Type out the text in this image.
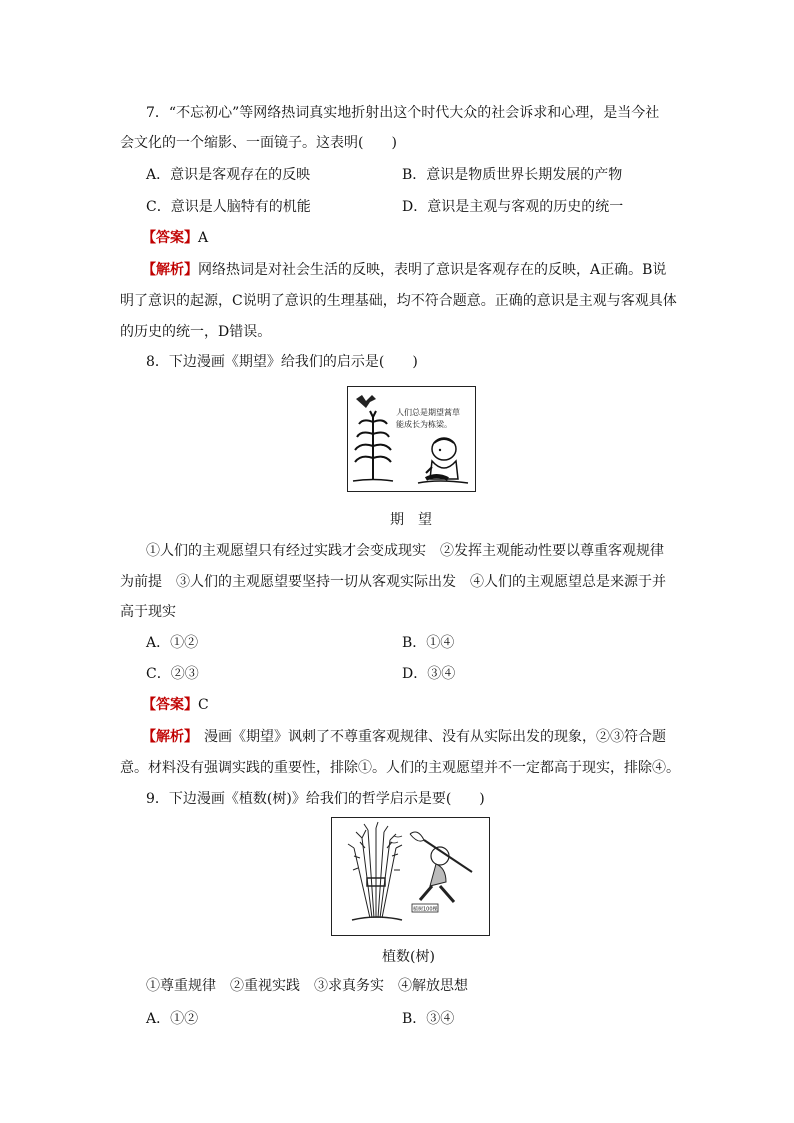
7．“不忘初心”等网络热词真实地折射出这个时代大众的社会诉求和心理，是当今社
会文化的一个缩影、一面镜子。这表明(　　)
A．意识是客观存在的反映	B．意识是物质世界长期发展的产物
C．意识是人脑特有的机能	D．意识是主观与客观的历史的统一
【答案】A
【解析】网络热词是对社会生活的反映，表明了意识是客观存在的反映，A正确。B说
明了意识的起源，C说明了意识的生理基础，均不符合题意。正确的意识是主观与客观具体
的历史的统一，D错误。
8．下边漫画《期望》给我们的启示是(　　)
人们总是期望蒿草
能成长为栋梁。
期　望
①人们的主观愿望只有经过实践才会变成现实　②发挥主观能动性要以尊重客观规律
为前提　③人们的主观愿望要坚持一切从客观实际出发　④人们的主观愿望总是来源于并
高于现实
A．①②	B．①④
C．②③	D．③④
【答案】C
【解析】 漫画《期望》讽刺了不尊重客观规律、没有从实际出发的现象，②③符合题
意。材料没有强调实践的重要性，排除①。人们的主观愿望并不一定都高于现实，排除④。
9．下边漫画《植数(树)》给我们的哲学启示是要(　　)
植树100棵
植数(树)
①尊重规律　②重视实践　③求真务实　④解放思想
A．①②	B．③④
